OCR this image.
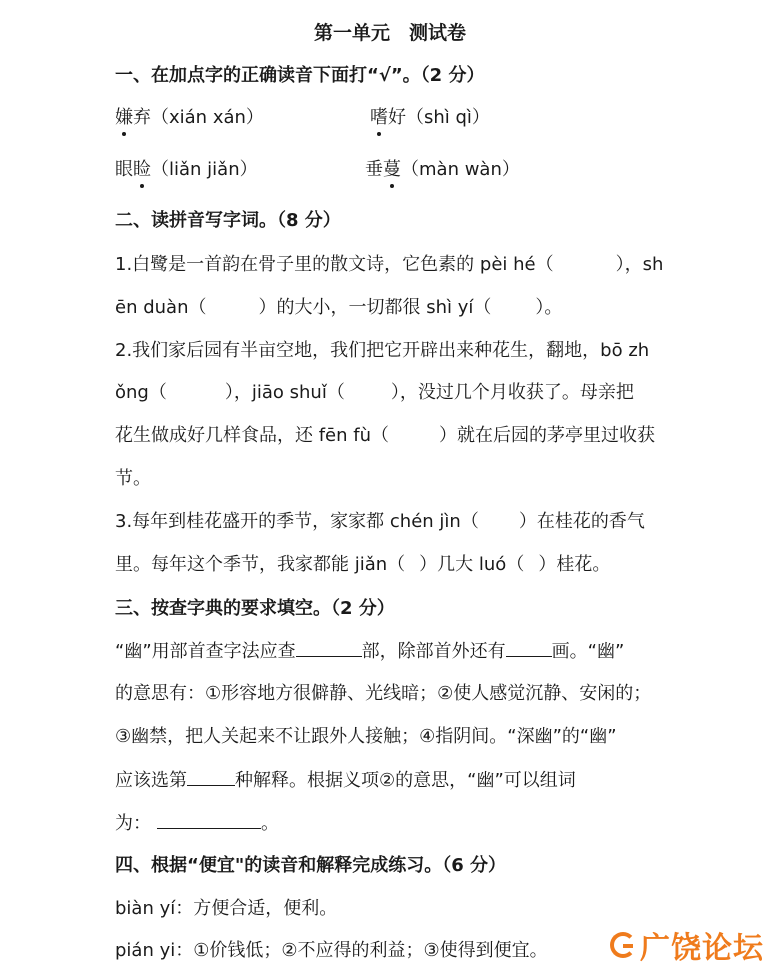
第一单元　测试卷
一、在加点字的正确读音下面打“√”。（2 分）
嫌弃（xián xán）	嗜好（shì qì）
眼睑（liǎn jiǎn）	垂蔓（màn wàn）
二、读拼音写字词。（8 分）
1.白鹭是一首韵在骨子里的散文诗，它色素的 pèi hé（	），sh
ēn duàn（	）的大小，一切都很 shì yí（ ）。
2.我们家后园有半亩空地，我们把它开辟出来种花生，翻地，bō zh
ǒng（	），jiāo shuǐ（	），没过几个月收获了。母亲把
花生做成好几样食品，还 fēn fù（	）就在后园的茅亭里过收获
节。
3.每年到桂花盛开的季节，家家都 chén jìn（ ）在桂花的香气
里。每年这个季节，我家都能 jiǎn（ ）几大 luó（ ）桂花。
三、按查字典的要求填空。（2 分）
“幽”用部首查字法应查	部，除部首外还有	画。“幽”
的意思有：①形容地方很僻静、光线暗；②使人感觉沉静、安闲的；
③幽禁，把人关起来不让跟外人接触；④指阴间。“深幽”的“幽”
应该选第	种解释。根据义项②的意思，“幽”可以组词
为：	。
四、根据“便宜"的读音和解释完成练习。（6 分）
biàn yí：方便合适，便利。
pián yi：①价钱低；②不应得的利益；③使得到便宜。	广饶论坛
